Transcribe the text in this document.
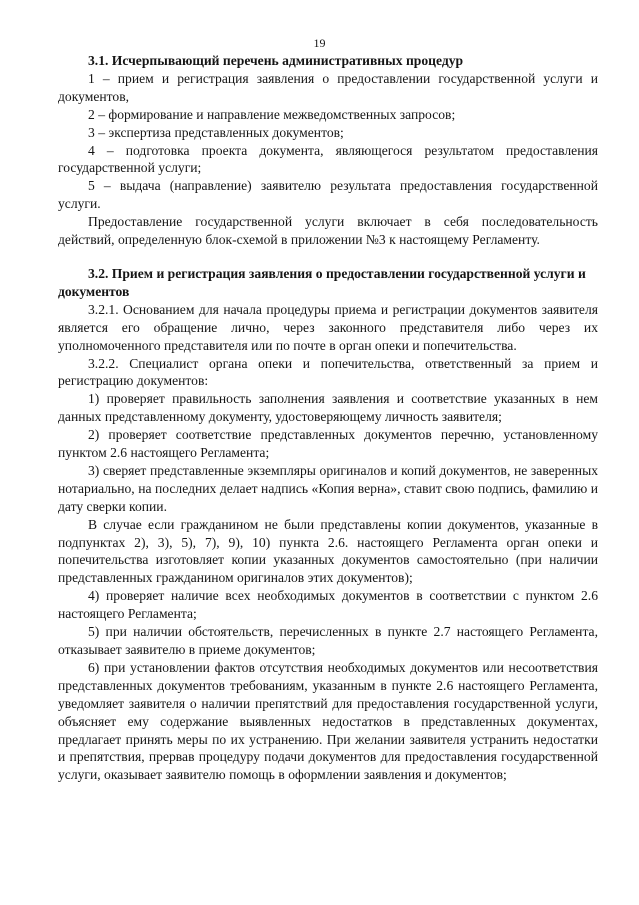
19

3.1. Исчерпывающий перечень административных процедур

1 – прием и регистрация заявления о предоставлении государственной услуги и документов,

2 – формирование и направление межведомственных запросов;

3 – экспертиза представленных документов;

4 – подготовка проекта документа, являющегося результатом предоставления государственной услуги;

5 – выдача (направление) заявителю результата предоставления государственной услуги.

Предоставление государственной услуги включает в себя последовательность действий, определенную блок-схемой в приложении №3 к настоящему Регламенту.

3.2. Прием и регистрация заявления о предоставлении государственной услуги и документов

3.2.1. Основанием для начала процедуры приема и регистрации документов заявителя является его обращение лично, через законного представителя либо через их уполномоченного представителя или по почте в орган опеки и попечительства.

3.2.2. Специалист органа опеки и попечительства, ответственный за прием и регистрацию документов:

1) проверяет правильность заполнения заявления и соответствие указанных в нем данных представленному документу, удостоверяющему личность заявителя;

2) проверяет соответствие представленных документов перечню, установленному пунктом 2.6 настоящего Регламента;

3) сверяет представленные экземпляры оригиналов и копий документов, не заверенных нотариально, на последних делает надпись «Копия верна», ставит свою подпись, фамилию и дату сверки копии.

В случае если гражданином не были представлены копии документов, указанные в подпунктах 2), 3), 5), 7), 9), 10) пункта 2.6. настоящего Регламента орган опеки и попечительства изготовляет копии указанных документов самостоятельно (при наличии представленных гражданином оригиналов этих документов);

4) проверяет наличие всех необходимых документов в соответствии с пунктом 2.6 настоящего Регламента;

5) при наличии обстоятельств, перечисленных в пункте 2.7 настоящего Регламента, отказывает заявителю в приеме документов;

6) при установлении фактов отсутствия необходимых документов или несоответствия представленных документов требованиям, указанным в пункте 2.6 настоящего Регламента, уведомляет заявителя о наличии препятствий для предоставления государственной услуги, объясняет ему содержание выявленных недостатков в представленных документах, предлагает принять меры по их устранению. При желании заявителя устранить недостатки и препятствия, прервав процедуру подачи документов для предоставления государственной услуги, оказывает заявителю помощь в оформлении заявления и документов;
